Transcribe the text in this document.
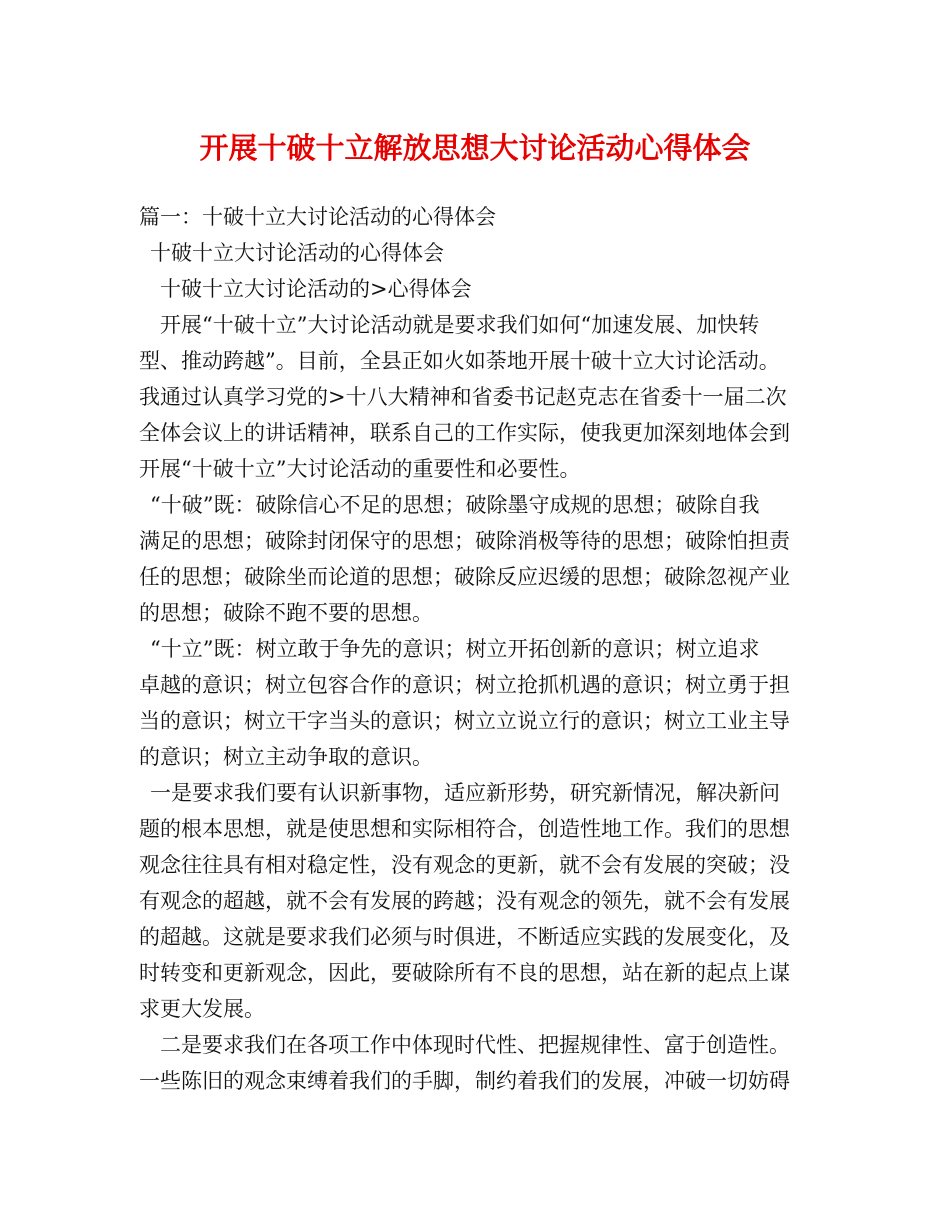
开展十破十立解放思想大讨论活动心得体会
篇一：十破十立大讨论活动的心得体会
十破十立大讨论活动的心得体会
十破十立大讨论活动的>心得体会
开展“十破十立”大讨论活动就是要求我们如何“加速发展、加快转
型、推动跨越”。目前，全县正如火如荼地开展十破十立大讨论活动。
我通过认真学习党的>十八大精神和省委书记赵克志在省委十一届二次
全体会议上的讲话精神，联系自己的工作实际，使我更加深刻地体会到
开展“十破十立”大讨论活动的重要性和必要性。
“十破”既：破除信心不足的思想；破除墨守成规的思想；破除自我
满足的思想；破除封闭保守的思想；破除消极等待的思想；破除怕担责
任的思想；破除坐而论道的思想；破除反应迟缓的思想；破除忽视产业
的思想；破除不跑不要的思想。
“十立”既：树立敢于争先的意识；树立开拓创新的意识；树立追求
卓越的意识；树立包容合作的意识；树立抢抓机遇的意识；树立勇于担
当的意识；树立干字当头的意识；树立立说立行的意识；树立工业主导
的意识；树立主动争取的意识。
一是要求我们要有认识新事物，适应新形势，研究新情况，解决新问
题的根本思想，就是使思想和实际相符合，创造性地工作。我们的思想
观念往往具有相对稳定性，没有观念的更新，就不会有发展的突破；没
有观念的超越，就不会有发展的跨越；没有观念的领先，就不会有发展
的超越。这就是要求我们必须与时俱进，不断适应实践的发展变化，及
时转变和更新观念，因此，要破除所有不良的思想，站在新的起点上谋
求更大发展。
二是要求我们在各项工作中体现时代性、把握规律性、富于创造性。
一些陈旧的观念束缚着我们的手脚，制约着我们的发展，冲破一切妨碍
